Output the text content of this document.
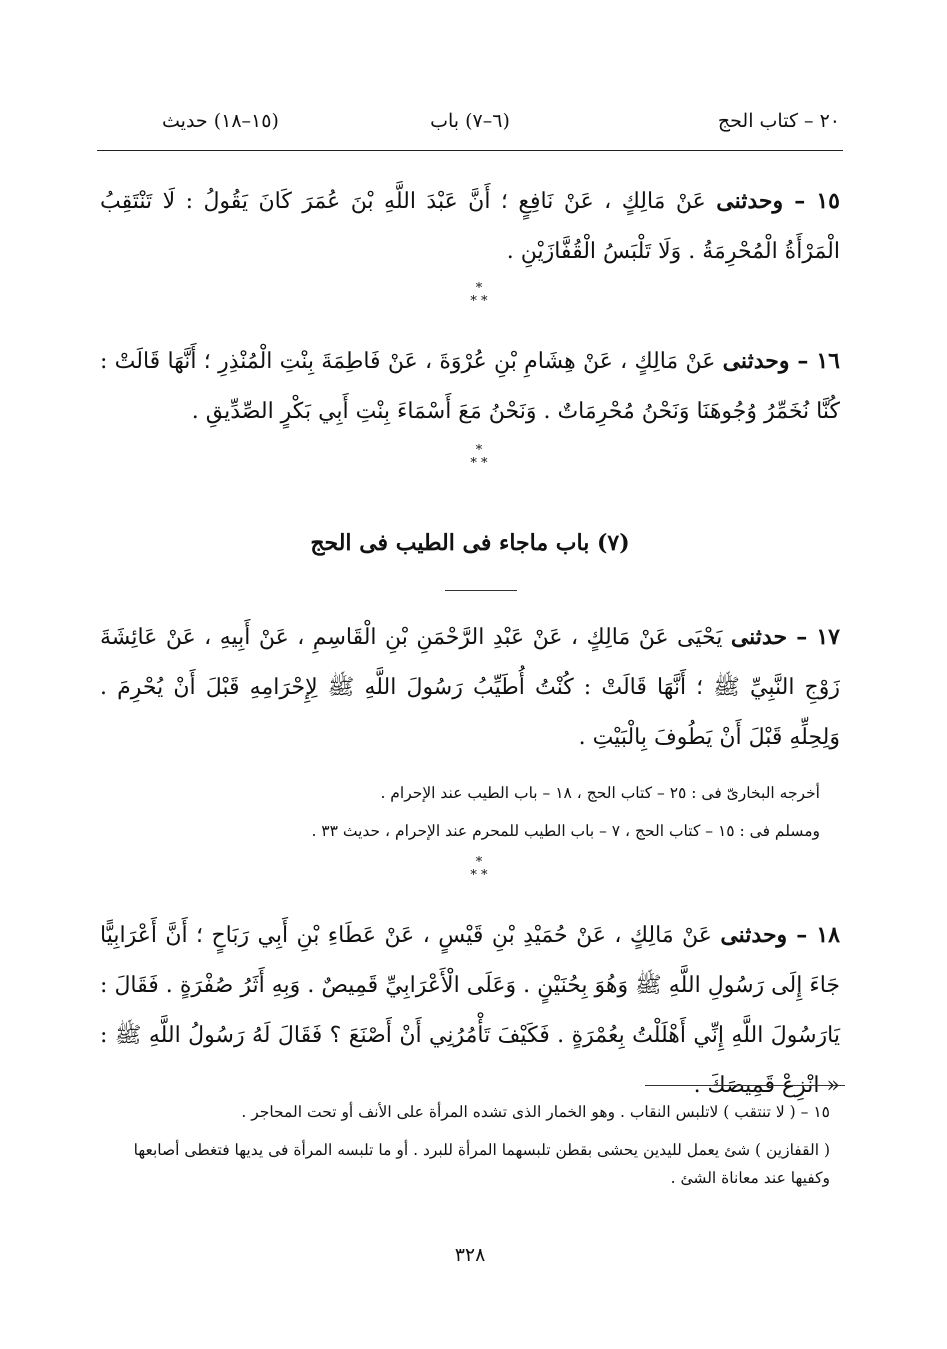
٢٠ – كتاب الحج
(٦–٧) باب
(١٥–١٨) حديث
١٥ – وحدثنى عَنْ مَالِكٍ ، عَنْ نَافِعٍ ؛ أَنَّ عَبْدَ اللَّهِ بْنَ عُمَرَ كَانَ يَقُولُ : لَا تَنْتَقِبُ الْمَرْأَةُ الْمُحْرِمَةُ . وَلَا تَلْبَسُ الْقُفَّازَيْنِ .
*
* *
١٦ – وحدثنى عَنْ مَالِكٍ ، عَنْ هِشَامِ بْنِ عُرْوَةَ ، عَنْ فَاطِمَةَ بِنْتِ الْمُنْذِرِ ؛ أَنَّهَا قَالَتْ : كُنَّا نُخَمِّرُ وُجُوهَنَا وَنَحْنُ مُحْرِمَاتٌ . وَنَحْنُ مَعَ أَسْمَاءَ بِنْتِ أَبِي بَكْرٍ الصِّدِّيقِ .
*
* *
(٧) باب ماجاء فى الطيب فى الحج
١٧ – حدثنى يَحْيَى عَنْ مَالِكٍ ، عَنْ عَبْدِ الرَّحْمَنِ بْنِ الْقَاسِمِ ، عَنْ أَبِيهِ ، عَنْ عَائِشَةَ زَوْجِ النَّبِيِّ ﷺ ؛ أَنَّهَا قَالَتْ : كُنْتُ أُطَيِّبُ رَسُولَ اللَّهِ ﷺ لِإِحْرَامِهِ قَبْلَ أَنْ يُحْرِمَ . وَلِحِلِّهِ قَبْلَ أَنْ يَطُوفَ بِالْبَيْتِ .
أخرجه البخارىّ فى : ٢٥ – كتاب الحج ، ١٨ – باب الطيب عند الإحرام .
ومسلم فى : ١٥ – كتاب الحج ، ٧ – باب الطيب للمحرم عند الإحرام ، حديث ٣٣ .
*
* *
١٨ – وحدثنى عَنْ مَالِكٍ ، عَنْ حُمَيْدِ بْنِ قَيْسٍ ، عَنْ عَطَاءِ بْنِ أَبِي رَبَاحٍ ؛ أَنَّ أَعْرَابِيًّا جَاءَ إِلَى رَسُولِ اللَّهِ ﷺ وَهُوَ بِحُنَيْنٍ . وَعَلَى الْأَعْرَابِيِّ قَمِيصٌ . وَبِهِ أَثَرُ صُفْرَةٍ . فَقَالَ : يَارَسُولَ اللَّهِ إِنِّي أَهْلَلْتُ بِعُمْرَةٍ . فَكَيْفَ تَأْمُرُنِي أَنْ أَصْنَعَ ؟ فَقَالَ لَهُ رَسُولُ اللَّهِ ﷺ : « انْزِعْ قَمِيصَكَ .
١٥ – ( لا تنتقب ) لاتلبس النقاب . وهو الخمار الذى تشده المرأة على الأنف أو تحت المحاجر .
( القفازين ) شئ يعمل لليدين يحشى بقطن تلبسهما المرأة للبرد . أو ما تلبسه المرأة فى يديها فتغطى أصابعها وكفيها عند معاناة الشئ .
٣٢٨
